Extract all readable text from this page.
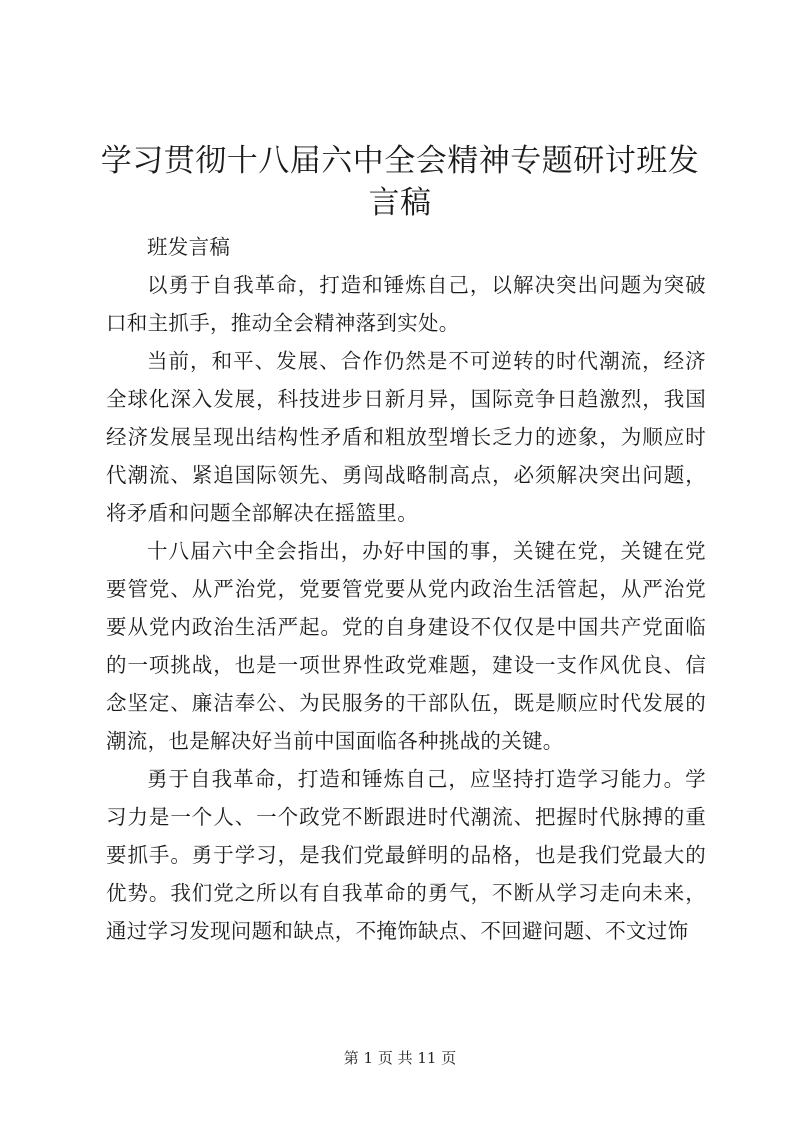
学习贯彻十八届六中全会精神专题研讨班发言稿

班发言稿

以勇于自我革命，打造和锤炼自己，以解决突出问题为突破口和主抓手，推动全会精神落到实处。

当前，和平、发展、合作仍然是不可逆转的时代潮流，经济全球化深入发展，科技进步日新月异，国际竞争日趋激烈，我国经济发展呈现出结构性矛盾和粗放型增长乏力的迹象，为顺应时代潮流、紧追国际领先、勇闯战略制高点，必须解决突出问题，将矛盾和问题全部解决在摇篮里。

十八届六中全会指出，办好中国的事，关键在党，关键在党要管党、从严治党，党要管党要从党内政治生活管起，从严治党要从党内政治生活严起。党的自身建设不仅仅是中国共产党面临的一项挑战，也是一项世界性政党难题，建设一支作风优良、信念坚定、廉洁奉公、为民服务的干部队伍，既是顺应时代发展的潮流，也是解决好当前中国面临各种挑战的关键。

勇于自我革命，打造和锤炼自己，应坚持打造学习能力。学习力是一个人、一个政党不断跟进时代潮流、把握时代脉搏的重要抓手。勇于学习，是我们党最鲜明的品格，也是我们党最大的优势。我们党之所以有自我革命的勇气，不断从学习走向未来，通过学习发现问题和缺点，不掩饰缺点、不回避问题、不文过饰

第 1 页 共 11 页
